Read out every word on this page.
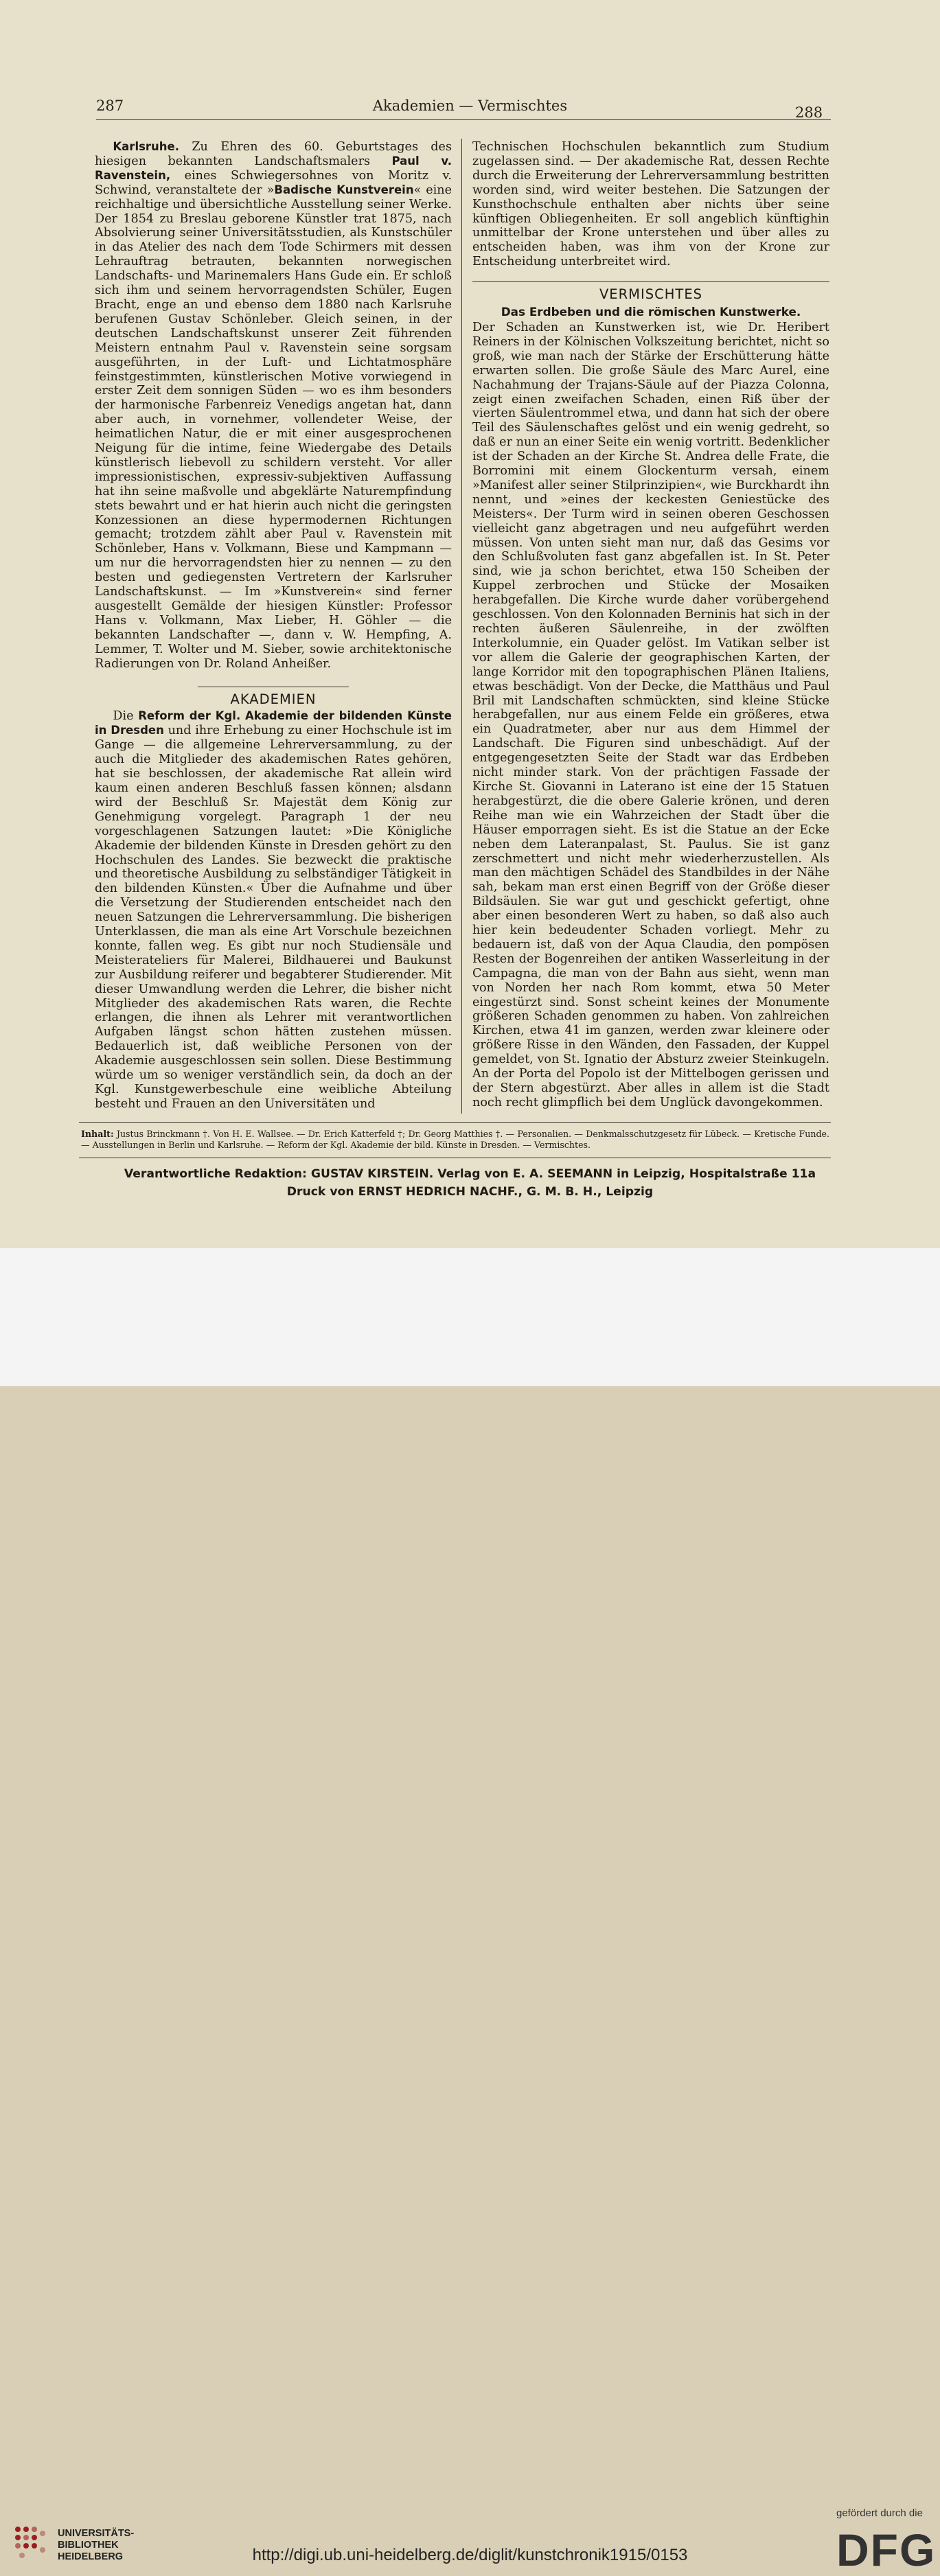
287	Akademien — Vermischtes	288

Karlsruhe. Zu Ehren des 60. Geburtstages des hiesigen bekannten Landschaftsmalers Paul v. Ravenstein, eines Schwiegersohnes von Moritz v. Schwind, veranstaltete der »Badische Kunstverein« eine reichhaltige und übersichtliche Ausstellung seiner Werke. Der 1854 zu Breslau geborene Künstler trat 1875, nach Absolvierung seiner Universitätsstudien, als Kunstschüler in das Atelier des nach dem Tode Schirmers mit dessen Lehrauftrag betrauten, bekannten norwegischen Landschafts- und Marinemalers Hans Gude ein. Er schloß sich ihm und seinem hervorragendsten Schüler, Eugen Bracht, enge an und ebenso dem 1880 nach Karlsruhe berufenen Gustav Schönleber. Gleich seinen, in der deutschen Landschaftskunst unserer Zeit führenden Meistern entnahm Paul v. Ravenstein seine sorgsam ausgeführten, in der Luft- und Lichtatmosphäre feinstgestimmten, künstlerischen Motive vorwiegend in erster Zeit dem sonnigen Süden — wo es ihm besonders der harmonische Farbenreiz Venedigs angetan hat, dann aber auch, in vornehmer, vollendeter Weise, der heimatlichen Natur, die er mit einer ausgesprochenen Neigung für die intime, feine Wiedergabe des Details künstlerisch liebevoll zu schildern versteht. Vor aller impressionistischen, expressiv-subjektiven Auffassung hat ihn seine maßvolle und abgeklärte Naturempfindung stets bewahrt und er hat hierin auch nicht die geringsten Konzessionen an diese hypermodernen Richtungen gemacht; trotzdem zählt aber Paul v. Ravenstein mit Schönleber, Hans v. Volkmann, Biese und Kampmann — um nur die hervorragendsten hier zu nennen — zu den besten und gediegensten Vertretern der Karlsruher Landschaftskunst. — Im »Kunstverein« sind ferner ausgestellt Gemälde der hiesigen Künstler: Professor Hans v. Volkmann, Max Lieber, H. Göhler — die bekannten Landschafter —, dann v. W. Hempfing, A. Lemmer, T. Wolter und M. Sieber, sowie architektonische Radierungen von Dr. Roland Anheißer.

AKADEMIEN

Die Reform der Kgl. Akademie der bildenden Künste in Dresden und ihre Erhebung zu einer Hochschule ist im Gange — die allgemeine Lehrerversammlung, zu der auch die Mitglieder des akademischen Rates gehören, hat sie beschlossen, der akademische Rat allein wird kaum einen anderen Beschluß fassen können; alsdann wird der Beschluß Sr. Majestät dem König zur Genehmigung vorgelegt. Paragraph 1 der neu vorgeschlagenen Satzungen lautet: »Die Königliche Akademie der bildenden Künste in Dresden gehört zu den Hochschulen des Landes. Sie bezweckt die praktische und theoretische Ausbildung zu selbständiger Tätigkeit in den bildenden Künsten.« Über die Aufnahme und über die Versetzung der Studierenden entscheidet nach den neuen Satzungen die Lehrerversammlung. Die bisherigen Unterklassen, die man als eine Art Vorschule bezeichnen konnte, fallen weg. Es gibt nur noch Studiensäle und Meisterateliers für Malerei, Bildhauerei und Baukunst zur Ausbildung reiferer und begabterer Studierender. Mit dieser Umwandlung werden die Lehrer, die bisher nicht Mitglieder des akademischen Rats waren, die Rechte erlangen, die ihnen als Lehrer mit verantwortlichen Aufgaben längst schon hätten zustehen müssen. Bedauerlich ist, daß weibliche Personen von der Akademie ausgeschlossen sein sollen. Diese Bestimmung würde um so weniger verständlich sein, da doch an der Kgl. Kunstgewerbeschule eine weibliche Abteilung besteht und Frauen an den Universitäten und

Technischen Hochschulen bekanntlich zum Studium zugelassen sind. — Der akademische Rat, dessen Rechte durch die Erweiterung der Lehrerversammlung bestritten worden sind, wird weiter bestehen. Die Satzungen der Kunsthochschule enthalten aber nichts über seine künftigen Obliegenheiten. Er soll angeblich künftighin unmittelbar der Krone unterstehen und über alles zu entscheiden haben, was ihm von der Krone zur Entscheidung unterbreitet wird.

VERMISCHTES
Das Erdbeben und die römischen Kunstwerke.

Der Schaden an Kunstwerken ist, wie Dr. Heribert Reiners in der Kölnischen Volkszeitung berichtet, nicht so groß, wie man nach der Stärke der Erschütterung hätte erwarten sollen. Die große Säule des Marc Aurel, eine Nachahmung der Trajans-Säule auf der Piazza Colonna, zeigt einen zweifachen Schaden, einen Riß über der vierten Säulentrommel etwa, und dann hat sich der obere Teil des Säulenschaftes gelöst und ein wenig gedreht, so daß er nun an einer Seite ein wenig vortritt. Bedenklicher ist der Schaden an der Kirche St. Andrea delle Frate, die Borromini mit einem Glockenturm versah, einem »Manifest aller seiner Stilprinzipien«, wie Burckhardt ihn nennt, und »eines der keckesten Geniestücke des Meisters«. Der Turm wird in seinen oberen Geschossen vielleicht ganz abgetragen und neu aufgeführt werden müssen. Von unten sieht man nur, daß das Gesims vor den Schlußvoluten fast ganz abgefallen ist. In St. Peter sind, wie ja schon berichtet, etwa 150 Scheiben der Kuppel zerbrochen und Stücke der Mosaiken herabgefallen. Die Kirche wurde daher vorübergehend geschlossen. Von den Kolonnaden Berninis hat sich in der rechten äußeren Säulenreihe, in der zwölften Interkolumnie, ein Quader gelöst. Im Vatikan selber ist vor allem die Galerie der geographischen Karten, der lange Korridor mit den topographischen Plänen Italiens, etwas beschädigt. Von der Decke, die Matthäus und Paul Bril mit Landschaften schmückten, sind kleine Stücke herabgefallen, nur aus einem Felde ein größeres, etwa ein Quadratmeter, aber nur aus dem Himmel der Landschaft. Die Figuren sind unbeschädigt. Auf der entgegengesetzten Seite der Stadt war das Erdbeben nicht minder stark. Von der prächtigen Fassade der Kirche St. Giovanni in Laterano ist eine der 15 Statuen herabgestürzt, die die obere Galerie krönen, und deren Reihe man wie ein Wahrzeichen der Stadt über die Häuser emporragen sieht. Es ist die Statue an der Ecke neben dem Lateranpalast, St. Paulus. Sie ist ganz zerschmettert und nicht mehr wiederherzustellen. Als man den mächtigen Schädel des Standbildes in der Nähe sah, bekam man erst einen Begriff von der Größe dieser Bildsäulen. Sie war gut und geschickt gefertigt, ohne aber einen besonderen Wert zu haben, so daß also auch hier kein bedeudenter Schaden vorliegt. Mehr zu bedauern ist, daß von der Aqua Claudia, den pompösen Resten der Bogenreihen der antiken Wasserleitung in der Campagna, die man von der Bahn aus sieht, wenn man von Norden her nach Rom kommt, etwa 50 Meter eingestürzt sind. Sonst scheint keines der Monumente größeren Schaden genommen zu haben. Von zahlreichen Kirchen, etwa 41 im ganzen, werden zwar kleinere oder größere Risse in den Wänden, den Fassaden, der Kuppel gemeldet, von St. Ignatio der Absturz zweier Steinkugeln. An der Porta del Popolo ist der Mittelbogen gerissen und der Stern abgestürzt. Aber alles in allem ist die Stadt noch recht glimpflich bei dem Unglück davongekommen.

Inhalt: Justus Brinckmann †. Von H. E. Wallsee. — Dr. Erich Katterfeld †; Dr. Georg Matthies †. — Personalien. — Denkmalsschutzgesetz für Lübeck. — Kretische Funde. — Ausstellungen in Berlin und Karlsruhe. — Reform der Kgl. Akademie der bild. Künste in Dresden. — Vermischtes.
Verantwortliche Redaktion: GUSTAV KIRSTEIN. Verlag von E. A. SEEMANN in Leipzig, Hospitalstraße 11a
Druck von ERNST HEDRICH NACHF., G. M. B. H., Leipzig
UNIVERSITÄTS-
BIBLIOTHEK
HEIDELBERG	http://digi.ub.uni-heidelberg.de/diglit/kunstchronik1915/0153
gefördert durch die
DFG
